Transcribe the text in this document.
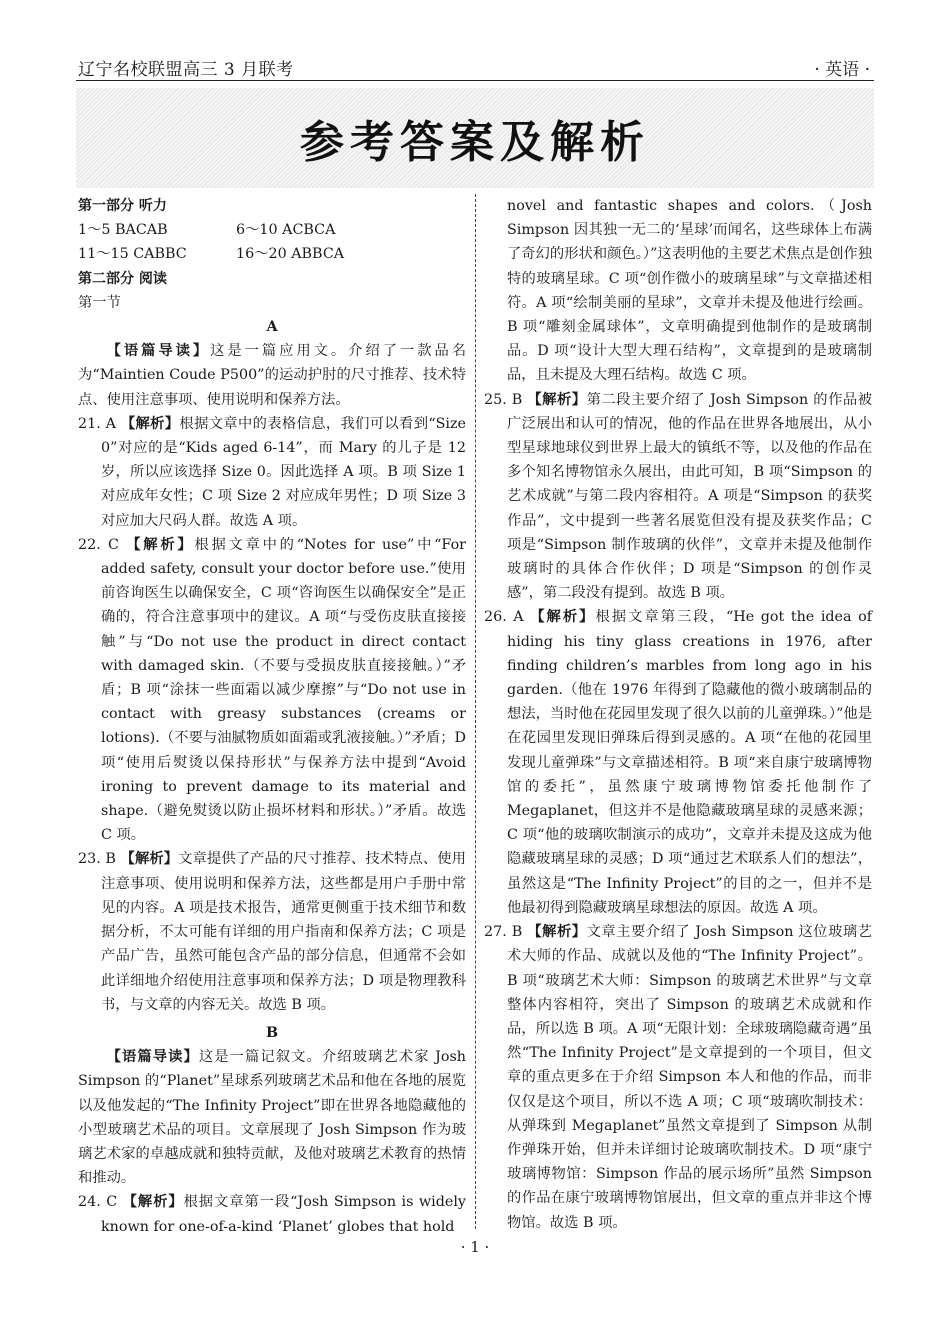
辽宁名校联盟高三 3 月联考	· 英语 ·
参考答案及解析

第一部分 听力

1～5 BACAB	6～10 ACBCA

11～15 CABBC	16～20 ABBCA

第二部分 阅读

第一节

A

【语篇导读】这是一篇应用文。介绍了一款品名为“Maintien Coude P500”的运动护肘的尺寸推荐、技术特点、使用注意事项、使用说明和保养方法。

21. A 【解析】根据文章中的表格信息，我们可以看到“Size 0”对应的是“Kids aged 6-14”，而 Mary 的儿子是 12 岁，所以应该选择 Size 0。因此选择 A 项。B 项 Size 1 对应成年女性；C 项 Size 2 对应成年男性；D 项 Size 3 对应加大尺码人群。故选 A 项。

22. C 【解析】根据文章中的“Notes for use”中“For added safety, consult your doctor before use.”使用前咨询医生以确保安全，C 项“咨询医生以确保安全”是正确的，符合注意事项中的建议。A 项“与受伤皮肤直接接触”与“Do not use the product in direct contact with damaged skin.（不要与受损皮肤直接接触。）”矛盾；B 项“涂抹一些面霜以减少摩擦”与“Do not use in contact with greasy substances (creams or lotions).（不要与油腻物质如面霜或乳液接触。）”矛盾；D 项“使用后熨烫以保持形状”与保养方法中提到“Avoid ironing to prevent damage to its material and shape.（避免熨烫以防止损坏材料和形状。）”矛盾。故选 C 项。

23. B 【解析】文章提供了产品的尺寸推荐、技术特点、使用注意事项、使用说明和保养方法，这些都是用户手册中常见的内容。A 项是技术报告，通常更侧重于技术细节和数据分析，不太可能有详细的用户指南和保养方法；C 项是产品广告，虽然可能包含产品的部分信息，但通常不会如此详细地介绍使用注意事项和保养方法；D 项是物理教科书，与文章的内容无关。故选 B 项。

B

【语篇导读】这是一篇记叙文。介绍玻璃艺术家 Josh Simpson 的“Planet”星球系列玻璃艺术品和他在各地的展览以及他发起的“The Infinity Project”即在世界各地隐藏他的小型玻璃艺术品的项目。文章展现了 Josh Simpson 作为玻璃艺术家的卓越成就和独特贡献，及他对玻璃艺术教育的热情和推动。

24. C 【解析】根据文章第一段“Josh Simpson is widely known for one-of-a-kind ‘Planet’ globes that hold

novel and fantastic shapes and colors.（Josh Simpson 因其独一无二的‘星球’而闻名，这些球体上布满了奇幻的形状和颜色。）”这表明他的主要艺术焦点是创作独特的玻璃星球。C 项“创作微小的玻璃星球”与文章描述相符。A 项“绘制美丽的星球”，文章并未提及他进行绘画。B 项“雕刻金属球体”，文章明确提到他制作的是玻璃制品。D 项“设计大型大理石结构”，文章提到的是玻璃制品，且未提及大理石结构。故选 C 项。

25. B 【解析】第二段主要介绍了 Josh Simpson 的作品被广泛展出和认可的情况，他的作品在世界各地展出，从小型星球地球仪到世界上最大的镇纸不等，以及他的作品在多个知名博物馆永久展出，由此可知，B 项“Simpson 的艺术成就”与第二段内容相符。A 项是“Simpson 的获奖作品”，文中提到一些著名展览但没有提及获奖作品；C 项是“Simpson 制作玻璃的伙伴”，文章并未提及他制作玻璃时的具体合作伙伴；D 项是“Simpson 的创作灵感”，第二段没有提到。故选 B 项。

26. A 【解析】根据文章第三段，“He got the idea of hiding his tiny glass creations in 1976, after finding children’s marbles from long ago in his garden.（他在 1976 年得到了隐藏他的微小玻璃制品的想法，当时他在花园里发现了很久以前的儿童弹珠。）”他是在花园里发现旧弹珠后得到灵感的。A 项“在他的花园里发现儿童弹珠”与文章描述相符。B 项“来自康宁玻璃博物馆的委托”，虽然康宁玻璃博物馆委托他制作了 Megaplanet，但这并不是他隐藏玻璃星球的灵感来源；C 项“他的玻璃吹制演示的成功”，文章并未提及这成为他隐藏玻璃星球的灵感；D 项“通过艺术联系人们的想法”，虽然这是“The Infinity Project”的目的之一，但并不是他最初得到隐藏玻璃星球想法的原因。故选 A 项。

27. B 【解析】文章主要介绍了 Josh Simpson 这位玻璃艺术大师的作品、成就以及他的“The Infinity Project”。B 项“玻璃艺术大师：Simpson 的玻璃艺术世界”与文章整体内容相符，突出了 Simpson 的玻璃艺术成就和作品，所以选 B 项。A 项“无限计划：全球玻璃隐藏奇遇”虽然“The Infinity Project”是文章提到的一个项目，但文章的重点更多在于介绍 Simpson 本人和他的作品，而非仅仅是这个项目，所以不选 A 项；C 项“玻璃吹制技术：从弹珠到 Megaplanet”虽然文章提到了 Simpson 从制作弹珠开始，但并未详细讨论玻璃吹制技术。D 项“康宁玻璃博物馆：Simpson 作品的展示场所”虽然 Simpson 的作品在康宁玻璃博物馆展出，但文章的重点并非这个博物馆。故选 B 项。

· 1 ·
